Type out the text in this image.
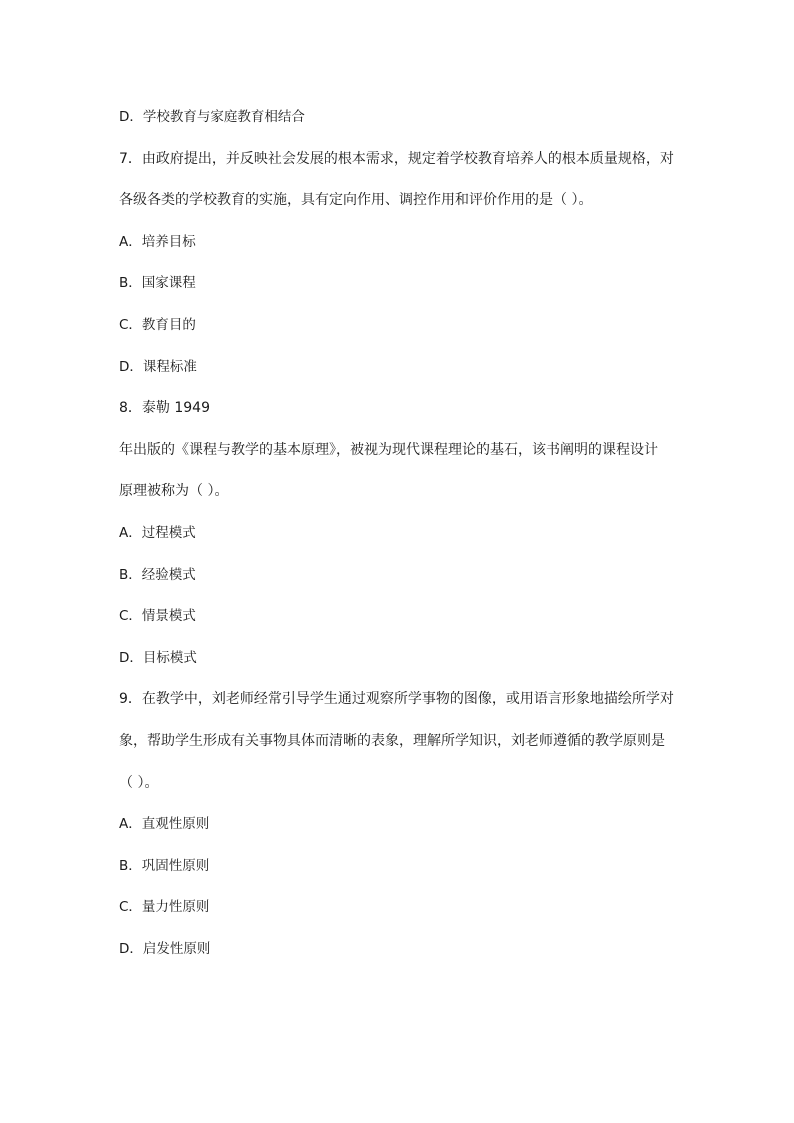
D．学校教育与家庭教育相结合
7．由政府提出，并反映社会发展的根本需求，规定着学校教育培养人的根本质量规格，对
各级各类的学校教育的实施，具有定向作用、调控作用和评价作用的是（ ）。
A．培养目标
B．国家课程
C．教育目的
D．课程标准
8．泰勒 1949
年出版的《课程与教学的基本原理》，被视为现代课程理论的基石，该书阐明的课程设计
原理被称为（ ）。
A．过程模式
B．经验模式
C．情景模式
D．目标模式
9．在教学中，刘老师经常引导学生通过观察所学事物的图像，或用语言形象地描绘所学对
象，帮助学生形成有关事物具体而清晰的表象，理解所学知识，刘老师遵循的教学原则是
（ ）。
A．直观性原则
B．巩固性原则
C．量力性原则
D．启发性原则
